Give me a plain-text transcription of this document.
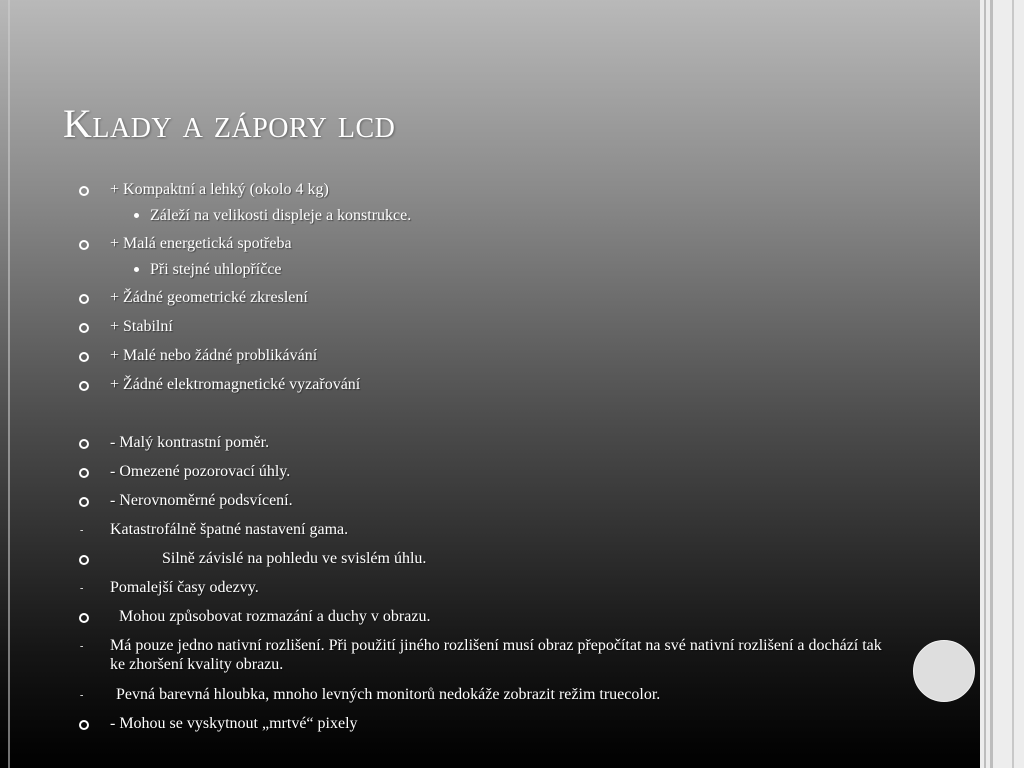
Klady a zápory lcd

+ Kompaktní a lehký (okolo 4 kg)

Záleží na velikosti displeje a konstrukce.

+ Malá energetická spotřeba

Při stejné uhlopříčce

+ Žádné geometrické zkreslení

+ Stabilní

+ Malé nebo žádné problikávání

+ Žádné elektromagnetické vyzařování

- Malý kontrastní poměr.

- Omezené pozorovací úhly.

- Nerovnoměrné podsvícení.

- Katastrofálně špatné nastavení gama.

Silně závislé na pohledu ve svislém úhlu.

- Pomalejší časy odezvy.

Mohou způsobovat rozmazání a duchy v obrazu.

- Má pouze jedno nativní rozlišení. Při použití jiného rozlišení musí obraz přepočítat na své nativní rozlišení a dochází tak ke zhoršení kvality obrazu.

- Pevná barevná hloubka, mnoho levných monitorů nedokáže zobrazit režim truecolor.

- Mohou se vyskytnout „mrtvé“ pixely
